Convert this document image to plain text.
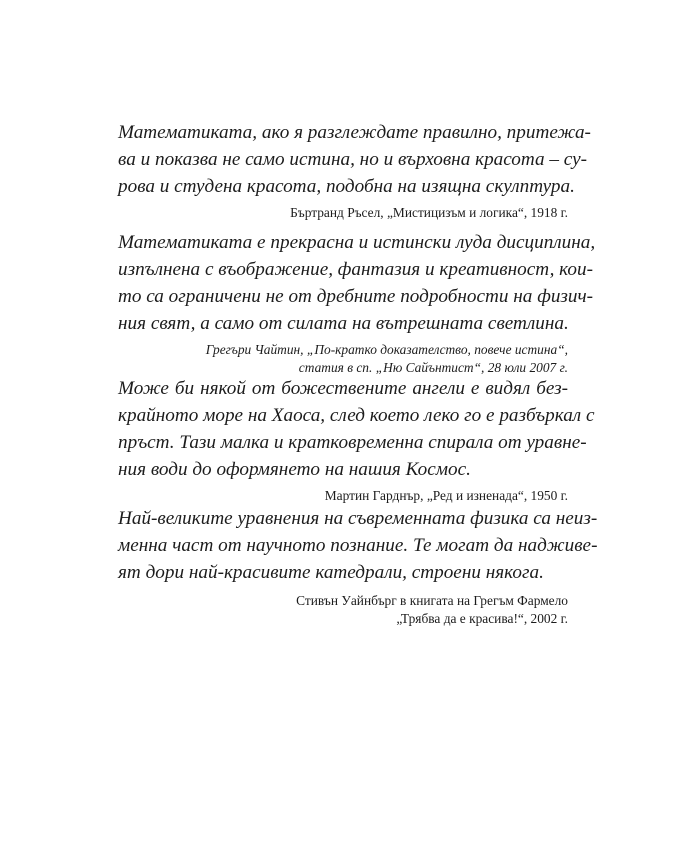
Математиката, ако я разглеждате правилно, притежа-
ва и показва не само истина, но и върховна красота – су-
рова и студена красота, подобна на изящна скулптура.
Бъртранд Ръсел, „Мистицизъм и логика“, 1918 г.
Математиката е прекрасна и истински луда дисциплина,
изпълнена с въображение, фантазия и креативност, кои-
то са ограничени не от дребните подробности на физич-
ния свят, а само от силата на вътрешната светлина.
Грегъри Чайтин, „По-кратко доказателство, повече истина“,
статия в сп. „Ню Сайънтист“, 28 юли 2007 г.
Може би някой от божествените ангели е видял без-
крайното море на Хаоса, след което леко го е разбъркал с
пръст. Тази малка и кратковременна спирала от уравне-
ния води до оформянето на нашия Космос.
Мартин Гарднър, „Ред и изненада“, 1950 г.
Най-великите уравнения на съвременната физика са неиз-
менна част от научното познание. Те могат да надживе-
ят дори най-красивите катедрали, строени някога.
Стивън Уайнбърг в книгата на Грегъм Фармело
„Трябва да е красива!“, 2002 г.
